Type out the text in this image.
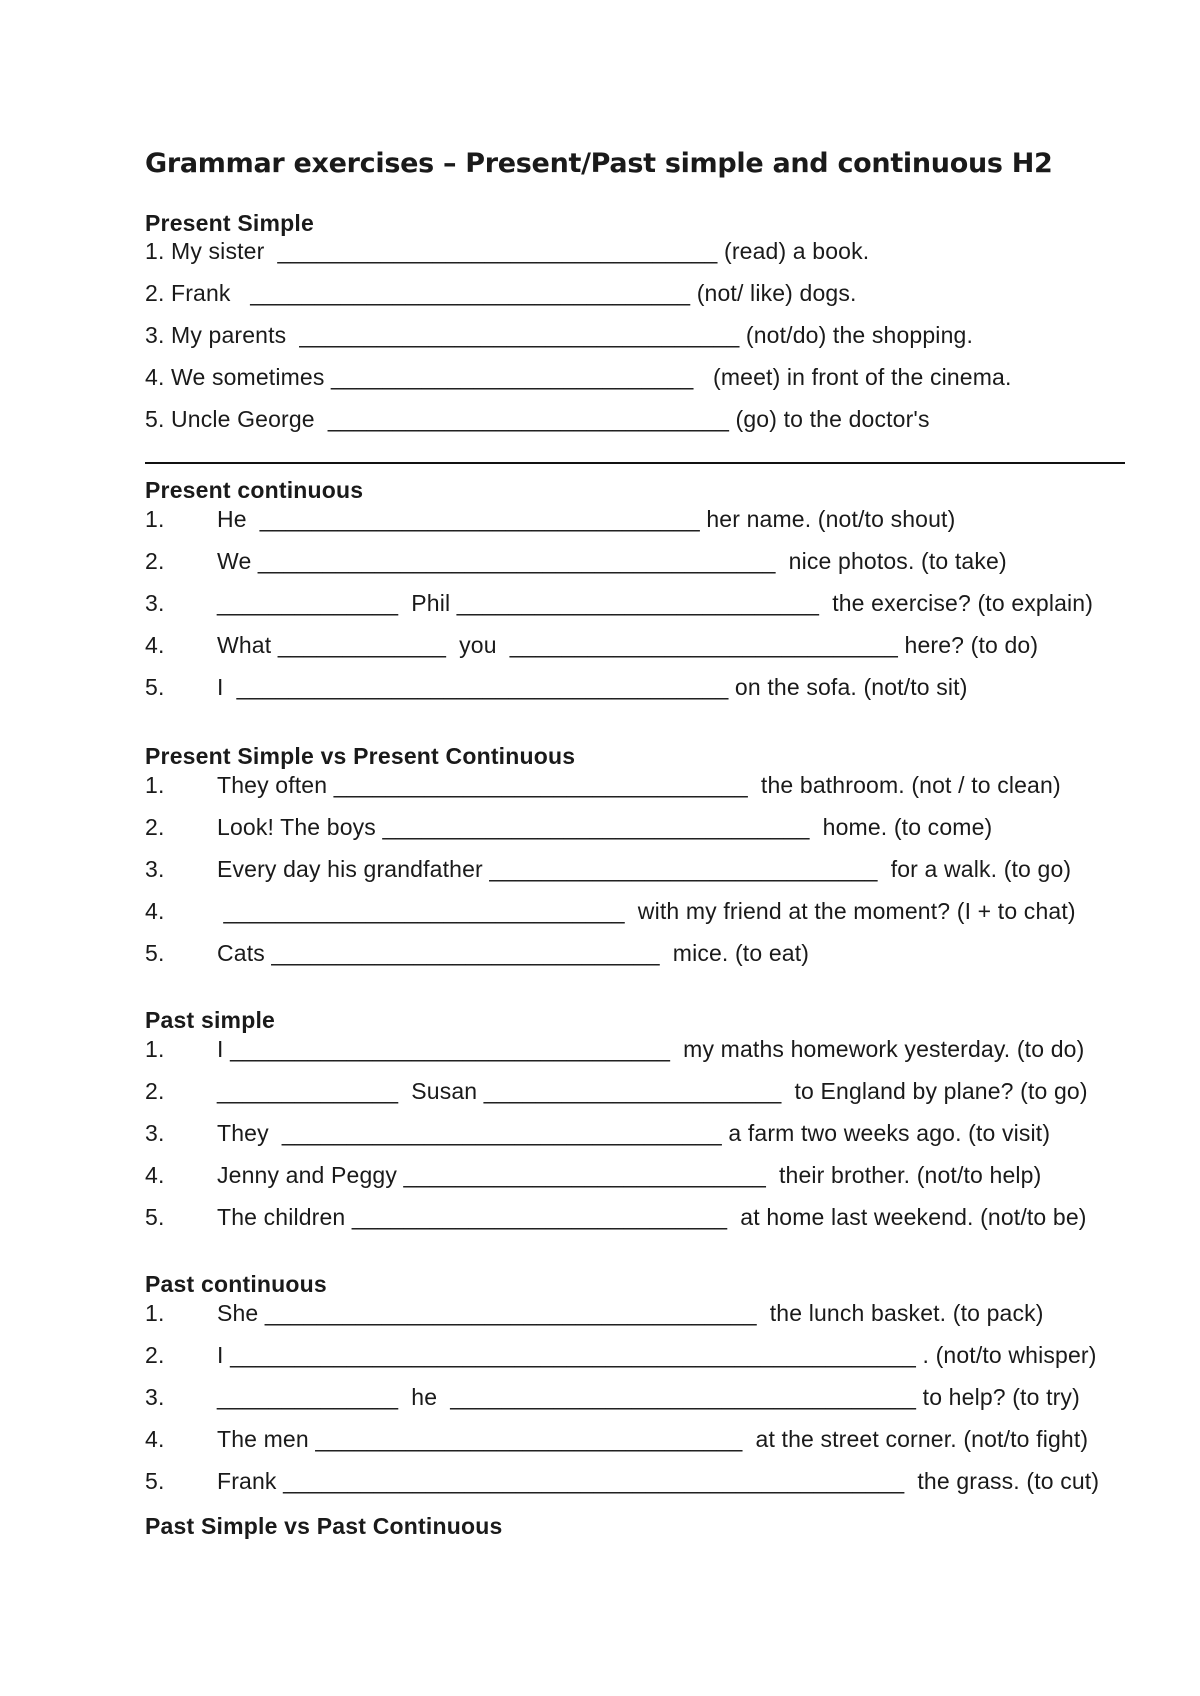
Grammar exercises – Present/Past simple and continuous H2
Present Simple
1. My sister  __________________________________ (read) a book.
2. Frank   __________________________________ (not/ like) dogs.
3. My parents  __________________________________ (not/do) the shopping.
4. We sometimes ____________________________   (meet) in front of the cinema.
5. Uncle George  _______________________________ (go) to the doctor's
Present continuous
1. He  __________________________________ her name. (not/to shout)
2. We ________________________________________  nice photos. (to take)
3. ______________  Phil ____________________________  the exercise? (to explain)
4. What _____________  you  ______________________________ here? (to do)
5. I  ______________________________________ on the sofa. (not/to sit)
Present Simple vs Present Continuous
1. They often ________________________________  the bathroom. (not / to clean)
2. Look! The boys _________________________________  home. (to come)
3. Every day his grandfather ______________________________  for a walk. (to go)
4. _______________________________  with my friend at the moment? (I + to chat)
5. Cats ______________________________  mice. (to eat)
Past simple
1. I __________________________________  my maths homework yesterday. (to do)
2. ______________  Susan _______________________  to England by plane? (to go)
3. They  __________________________________ a farm two weeks ago. (to visit)
4. Jenny and Peggy ____________________________  their brother. (not/to help)
5. The children _____________________________  at home last weekend. (not/to be)
Past continuous
1. She ______________________________________  the lunch basket. (to pack)
2. I _____________________________________________________ . (not/to whisper)
3. ______________  he  ____________________________________ to help? (to try)
4. The men _________________________________  at the street corner. (not/to fight)
5. Frank ________________________________________________  the grass. (to cut)
Past Simple vs Past Continuous
